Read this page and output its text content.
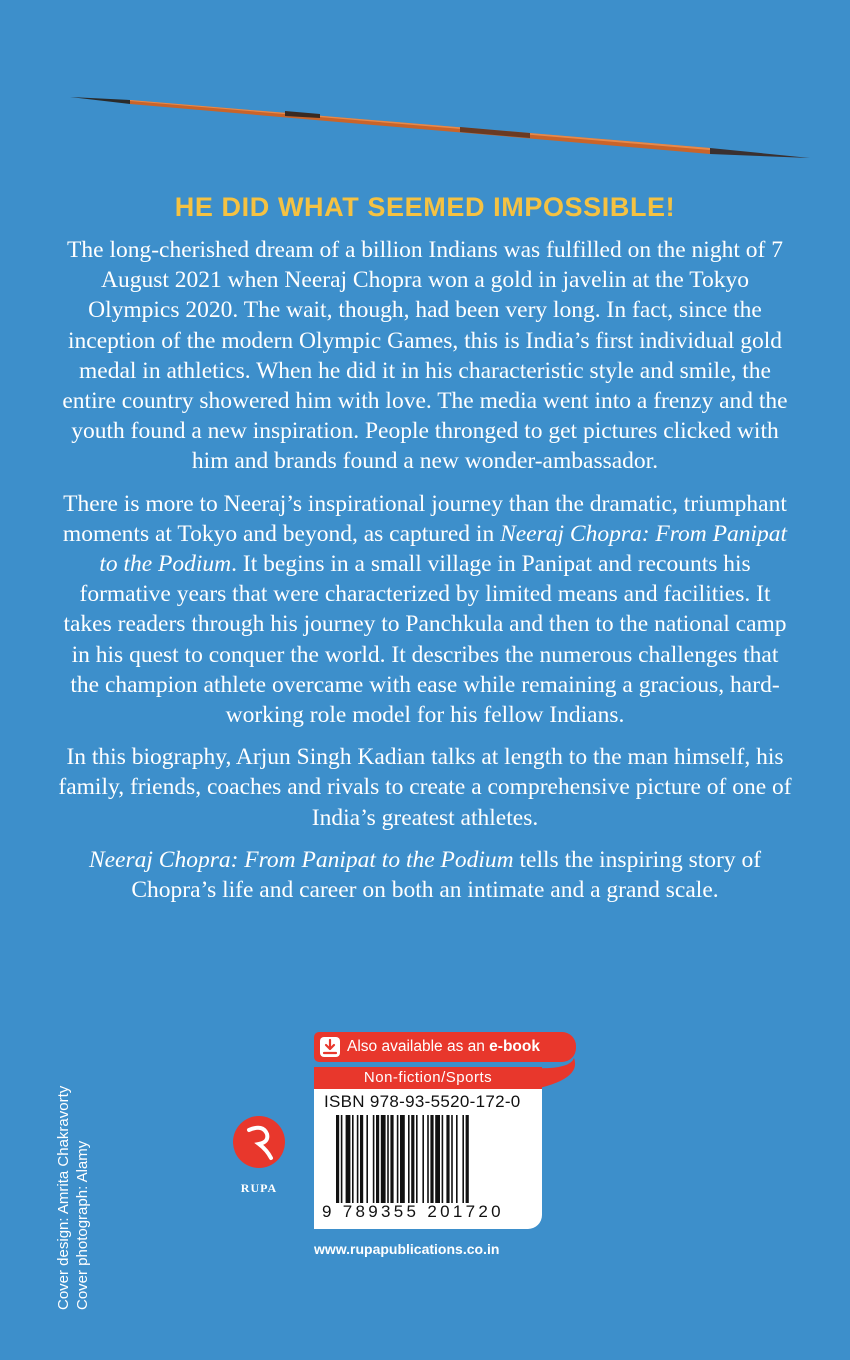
HE DID WHAT SEEMED IMPOSSIBLE!

The long-cherished dream of a billion Indians was fulfilled on the night of 7 August 2021 when Neeraj Chopra won a gold in javelin at the Tokyo Olympics 2020. The wait, though, had been very long. In fact, since the inception of the modern Olympic Games, this is India’s first individual gold medal in athletics. When he did it in his characteristic style and smile, the entire country showered him with love. The media went into a frenzy and the youth found a new inspiration. People thronged to get pictures clicked with him and brands found a new wonder-ambassador.

There is more to Neeraj’s inspirational journey than the dramatic, triumphant moments at Tokyo and beyond, as captured in Neeraj Chopra: From Panipat to the Podium. It begins in a small village in Panipat and recounts his formative years that were characterized by limited means and facilities. It takes readers through his journey to Panchkula and then to the national camp in his quest to conquer the world. It describes the numerous challenges that the champion athlete overcame with ease while remaining a gracious, hard-working role model for his fellow Indians.

In this biography, Arjun Singh Kadian talks at length to the man himself, his family, friends, coaches and rivals to create a comprehensive picture of one of India’s greatest athletes.

Neeraj Chopra: From Panipat to the Podium tells the inspiring story of Chopra’s life and career on both an intimate and a grand scale.

Cover design: Amrita Chakravorty Cover photograph: Alamy	RUPA
Also available as an e-book
Non-fiction/Sports
ISBN 978-93-5520-172-0
9 789355 201720
www.rupapublications.co.in
